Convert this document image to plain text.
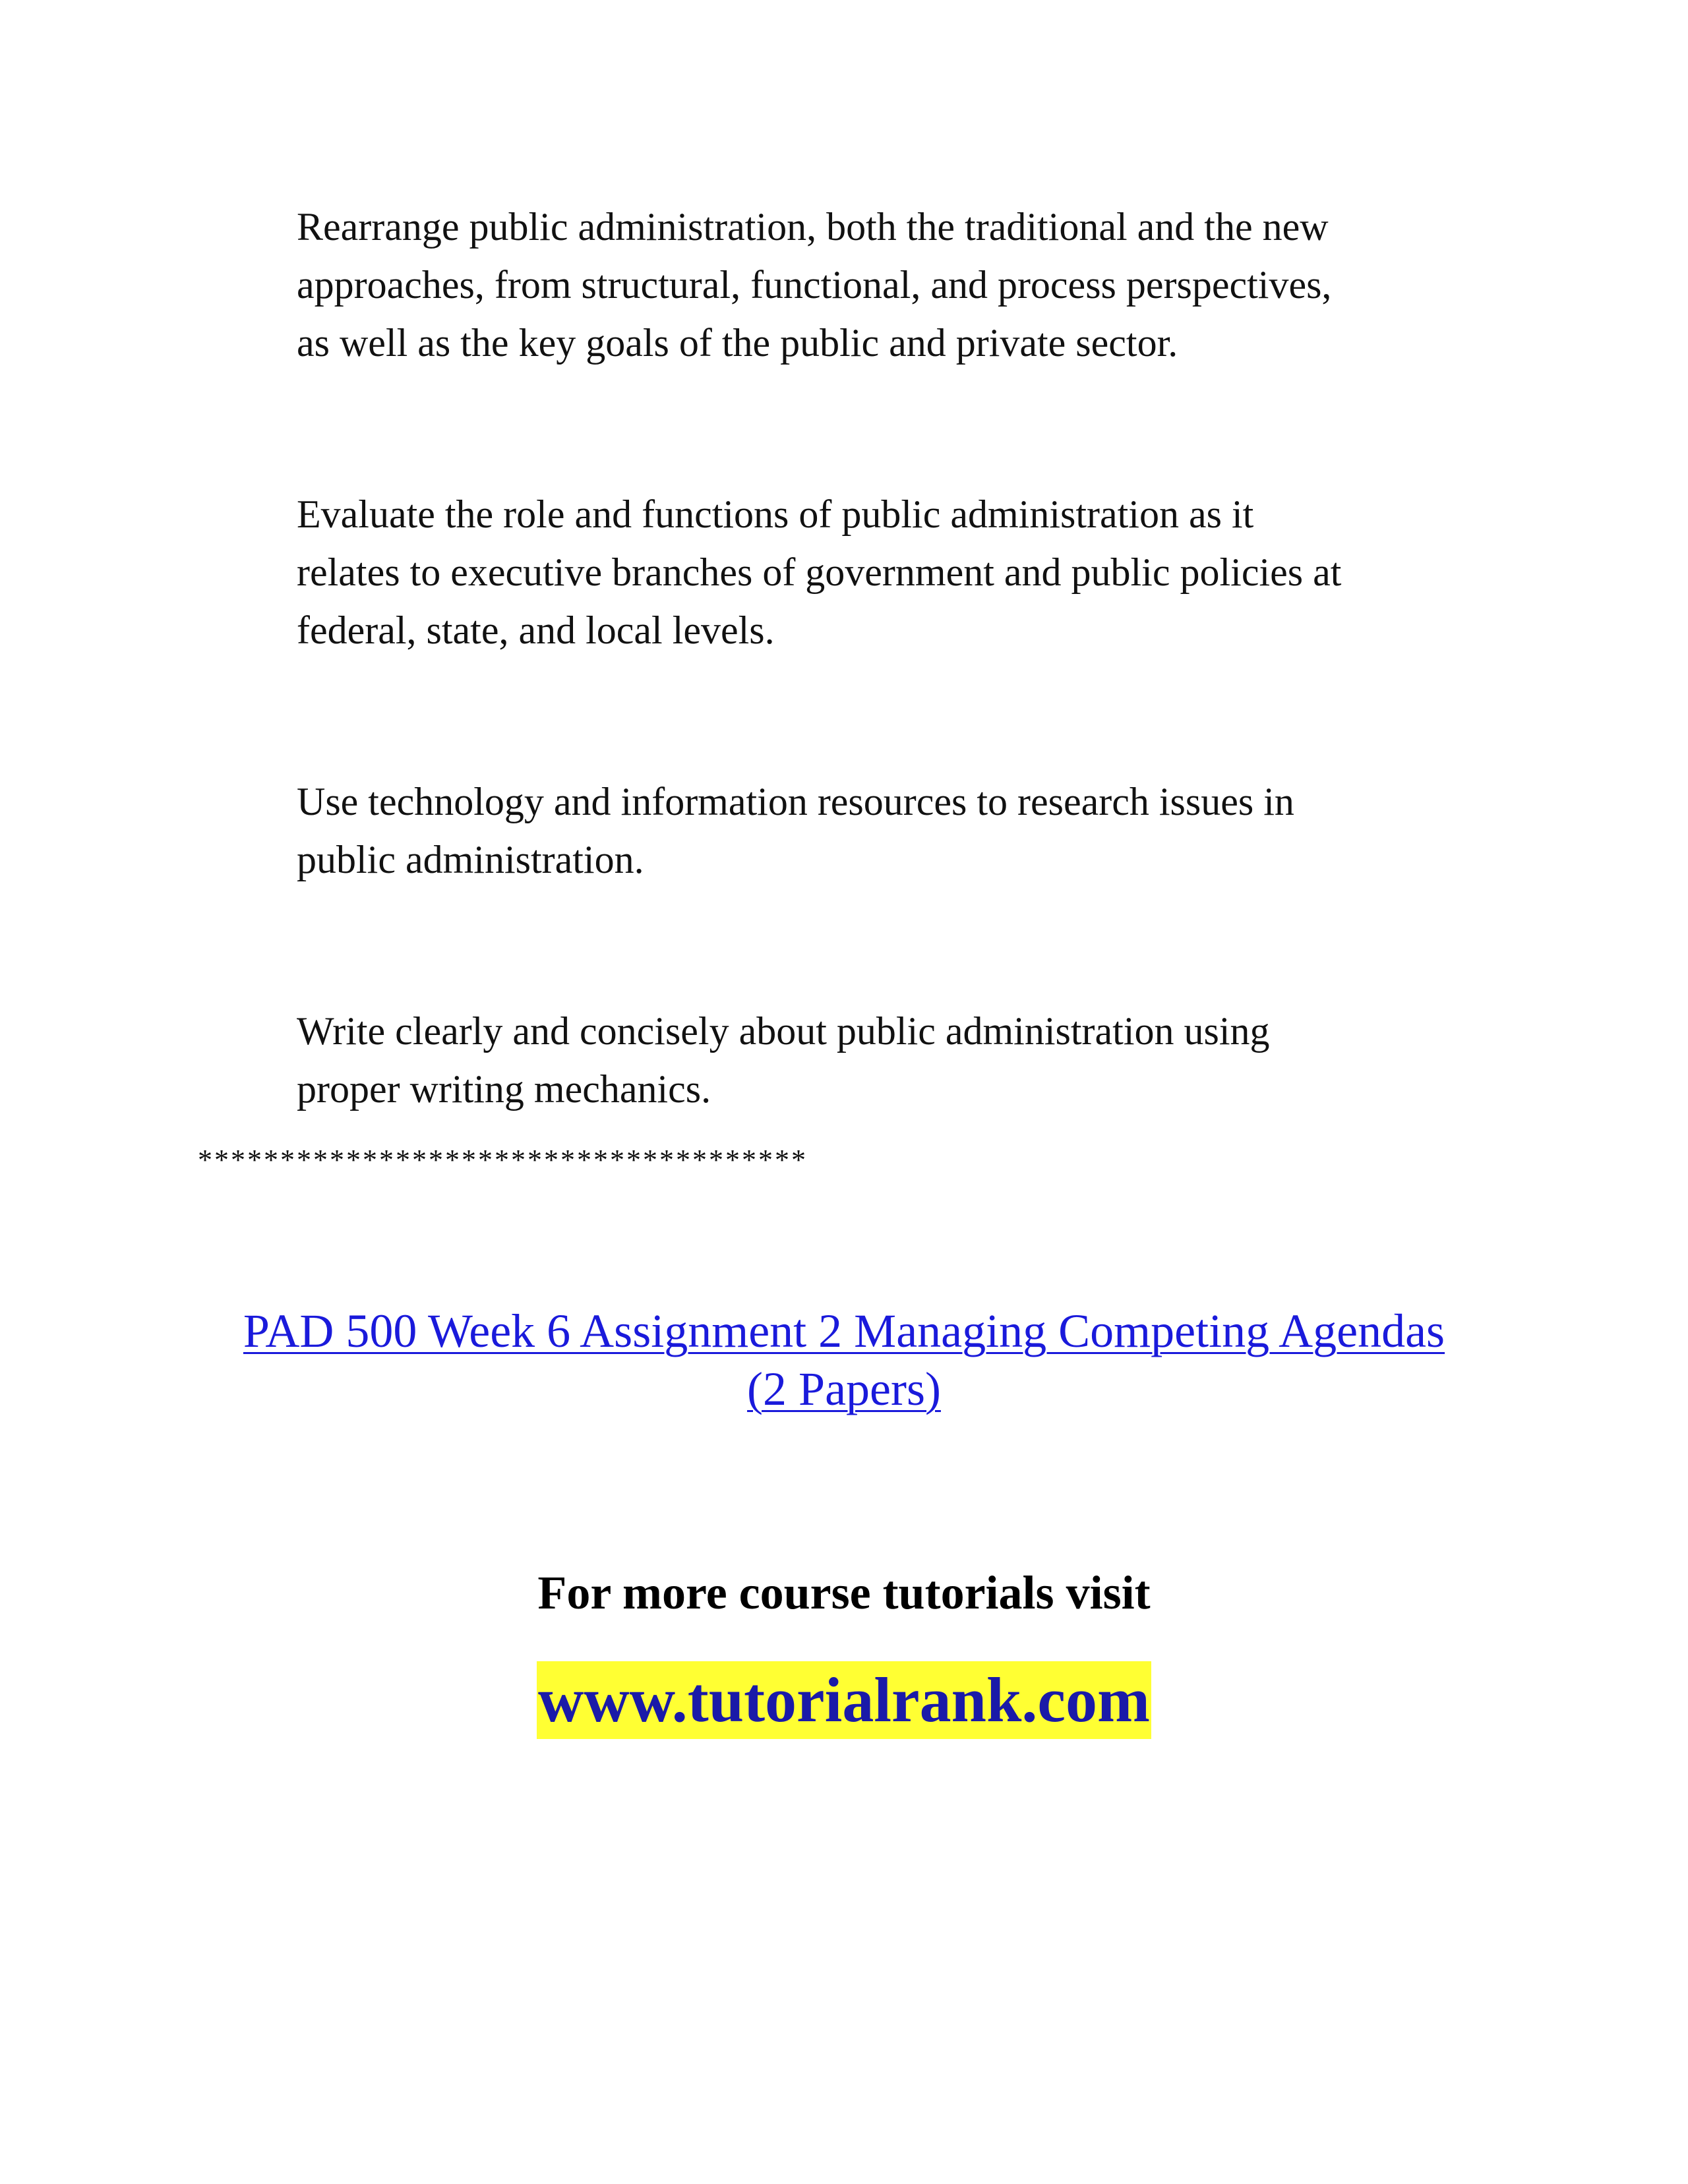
Rearrange public administration, both the traditional and the new
approaches, from structural, functional, and process perspectives,
as well as the key goals of the public and private sector.
Evaluate the role and functions of public administration as it
relates to executive branches of government and public policies at
federal, state, and local levels.
Use technology and information resources to research issues in
public administration.
Write clearly and concisely about public administration using
proper writing mechanics.

*************************************

PAD 500 Week 6 Assignment 2 Managing Competing Agendas
(2 Papers)

For more course tutorials visit

www.tutorialrank.com
